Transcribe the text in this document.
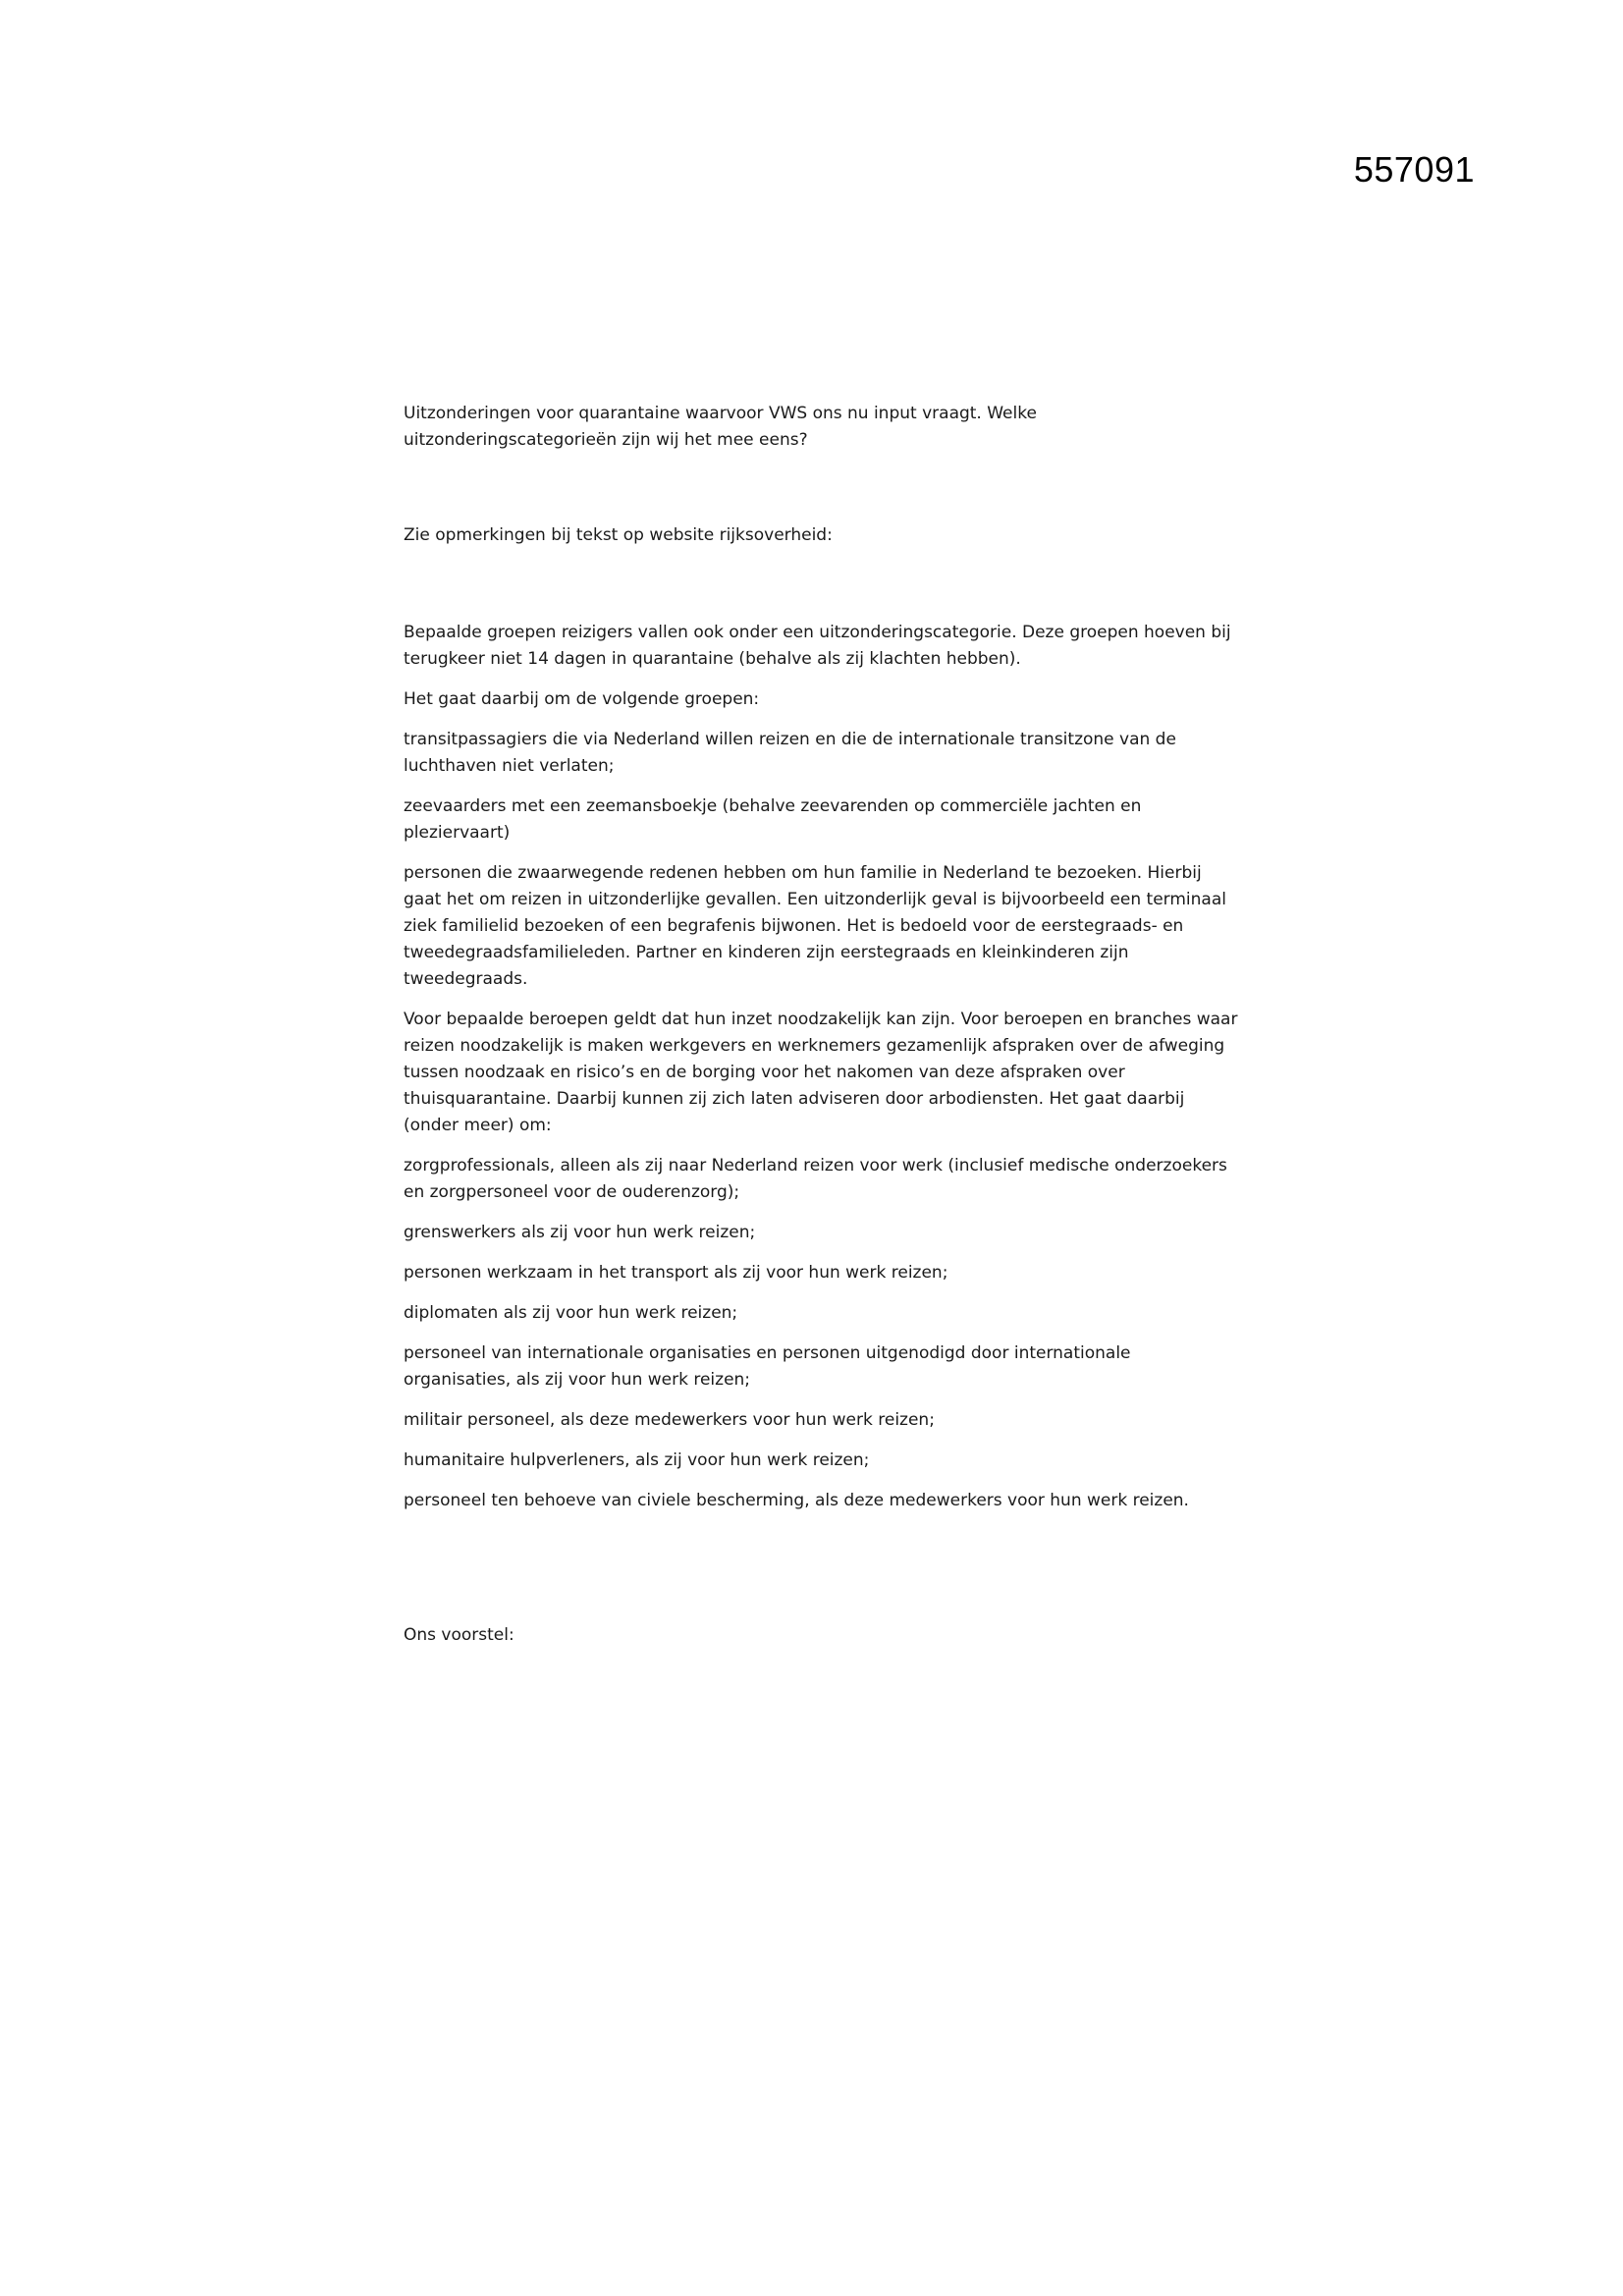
557091

Uitzonderingen voor quarantaine waarvoor VWS ons nu input vraagt. Welke uitzonderingscategorieën zijn wij het mee eens?

Zie opmerkingen bij tekst op website rijksoverheid:

Bepaalde groepen reizigers vallen ook onder een uitzonderingscategorie. Deze groepen hoeven bij terugkeer niet 14 dagen in quarantaine (behalve als zij klachten hebben).

Het gaat daarbij om de volgende groepen:

transitpassagiers die via Nederland willen reizen en die de internationale transitzone van de luchthaven niet verlaten;

zeevaarders met een zeemansboekje (behalve zeevarenden op commerciële jachten en pleziervaart)

personen die zwaarwegende redenen hebben om hun familie in Nederland te bezoeken. Hierbij gaat het om reizen in uitzonderlijke gevallen. Een uitzonderlijk geval is bijvoorbeeld een terminaal ziek familielid bezoeken of een begrafenis bijwonen. Het is bedoeld voor de eerstegraads- en tweedegraadsfamilieleden. Partner en kinderen zijn eerstegraads en kleinkinderen zijn tweedegraads.

Voor bepaalde beroepen geldt dat hun inzet noodzakelijk kan zijn. Voor beroepen en branches waar reizen noodzakelijk is maken werkgevers en werknemers gezamenlijk afspraken over de afweging tussen noodzaak en risico’s en de borging voor het nakomen van deze afspraken over thuisquarantaine. Daarbij kunnen zij zich laten adviseren door arbodiensten. Het gaat daarbij (onder meer) om:

zorgprofessionals, alleen als zij naar Nederland reizen voor werk (inclusief medische onderzoekers en zorgpersoneel voor de ouderenzorg);

grenswerkers als zij voor hun werk reizen;

personen werkzaam in het transport als zij voor hun werk reizen;

diplomaten als zij voor hun werk reizen;

personeel van internationale organisaties en personen uitgenodigd door internationale organisaties, als zij voor hun werk reizen;

militair personeel, als deze medewerkers voor hun werk reizen;

humanitaire hulpverleners, als zij voor hun werk reizen;

personeel ten behoeve van civiele bescherming, als deze medewerkers voor hun werk reizen.

Ons voorstel:
